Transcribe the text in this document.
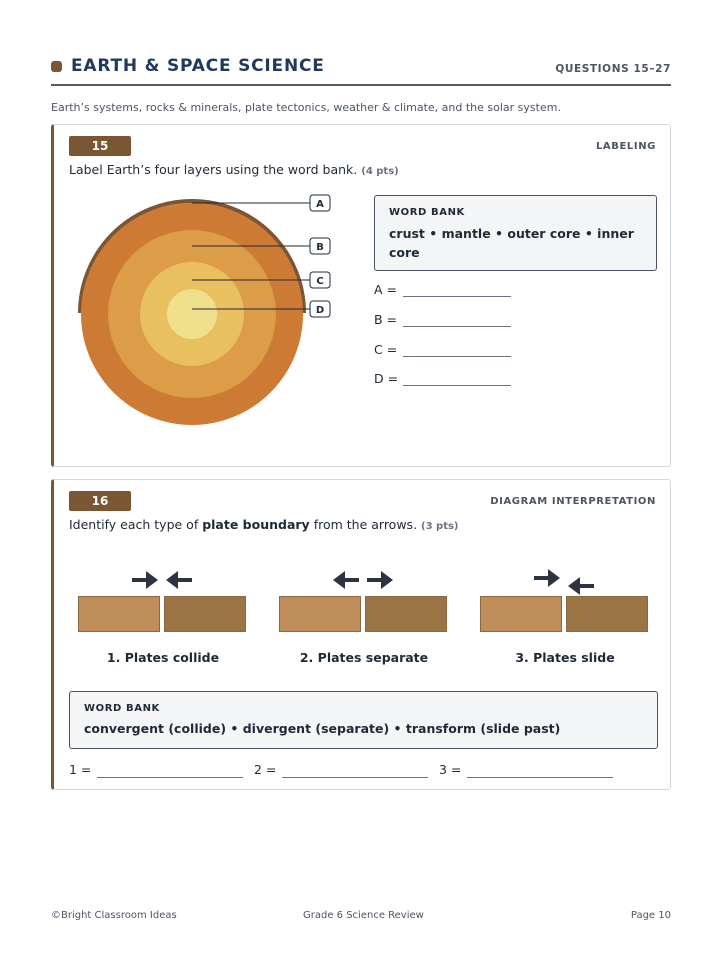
EARTH & SPACE SCIENCE	QUESTIONS 15–27
Earth’s systems, rocks & minerals, plate tectonics, weather & climate, and the solar system.
15	LABELING
Label Earth’s four layers using the word bank. (4 pts)
A
B
C
D
WORD BANK
crust • mantle • outer core • inner core
A =
B =
C =
D =
16	DIAGRAM INTERPRETATION
Identify each type of plate boundary from the arrows. (3 pts)
1. Plates collide	2. Plates separate	3. Plates slide
WORD BANK
convergent (collide) • divergent (separate) • transform (slide past)
1 =	2 =	3 =
©Bright Classroom Ideas	Grade 6 Science Review	Page 10
